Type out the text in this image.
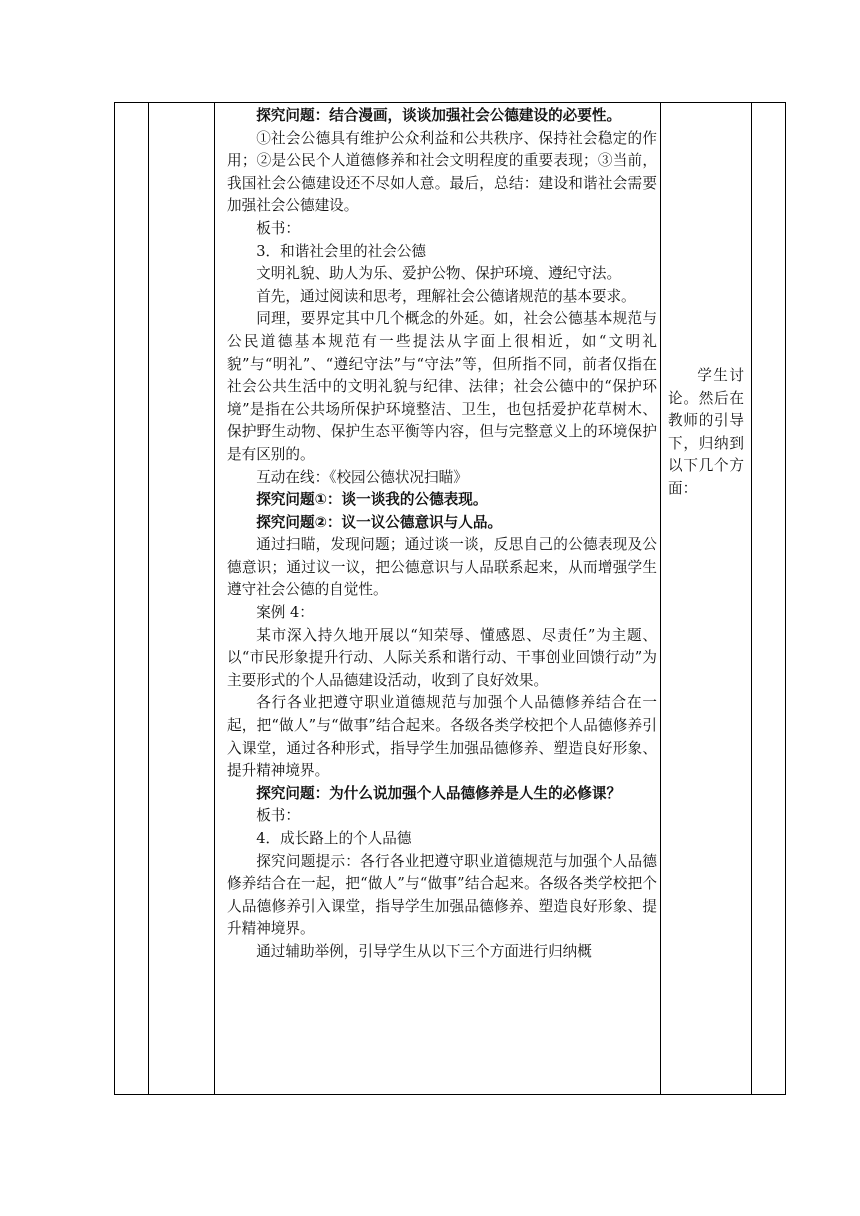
探究问题：结合漫画，谈谈加强社会公德建设的必要性。

①社会公德具有维护公众利益和公共秩序、保持社会稳定的作用；②是公民个人道德修养和社会文明程度的重要表现；③当前，我国社会公德建设还不尽如人意。最后，总结：建设和谐社会需要加强社会公德建设。

板书：

3．和谐社会里的社会公德

文明礼貌、助人为乐、爱护公物、保护环境、遵纪守法。

首先，通过阅读和思考，理解社会公德诸规范的基本要求。

同理，要界定其中几个概念的外延。如，社会公德基本规范与公民道德基本规范有一些提法从字面上很相近，如“文明礼貌”与“明礼”、“遵纪守法”与“守法”等，但所指不同，前者仅指在社会公共生活中的文明礼貌与纪律、法律；社会公德中的“保护环境”是指在公共场所保护环境整洁、卫生，也包括爱护花草树木、保护野生动物、保护生态平衡等内容，但与完整意义上的环境保护是有区别的。

互动在线：《校园公德状况扫瞄》

探究问题①：谈一谈我的公德表现。

探究问题②：议一议公德意识与人品。

通过扫瞄，发现问题；通过谈一谈，反思自己的公德表现及公德意识；通过议一议，把公德意识与人品联系起来，从而增强学生遵守社会公德的自觉性。

案例 4：

某市深入持久地开展以“知荣辱、懂感恩、尽责任”为主题、以“市民形象提升行动、人际关系和谐行动、干事创业回馈行动”为主要形式的个人品德建设活动，收到了良好效果。

各行各业把遵守职业道德规范与加强个人品德修养结合在一起，把“做人”与“做事”结合起来。各级各类学校把个人品德修养引入课堂，通过各种形式，指导学生加强品德修养、塑造良好形象、提升精神境界。

探究问题：为什么说加强个人品德修养是人生的必修课？

板书：

4．成长路上的个人品德

探究问题提示：各行各业把遵守职业道德规范与加强个人品德修养结合在一起，把“做人”与“做事”结合起来。各级各类学校把个人品德修养引入课堂，指导学生加强品德修养、塑造良好形象、提升精神境界。

通过辅助举例，引导学生从以下三个方面进行归纳概

学生讨论。然后在教师的引导下，归纳到以下几个方面：
